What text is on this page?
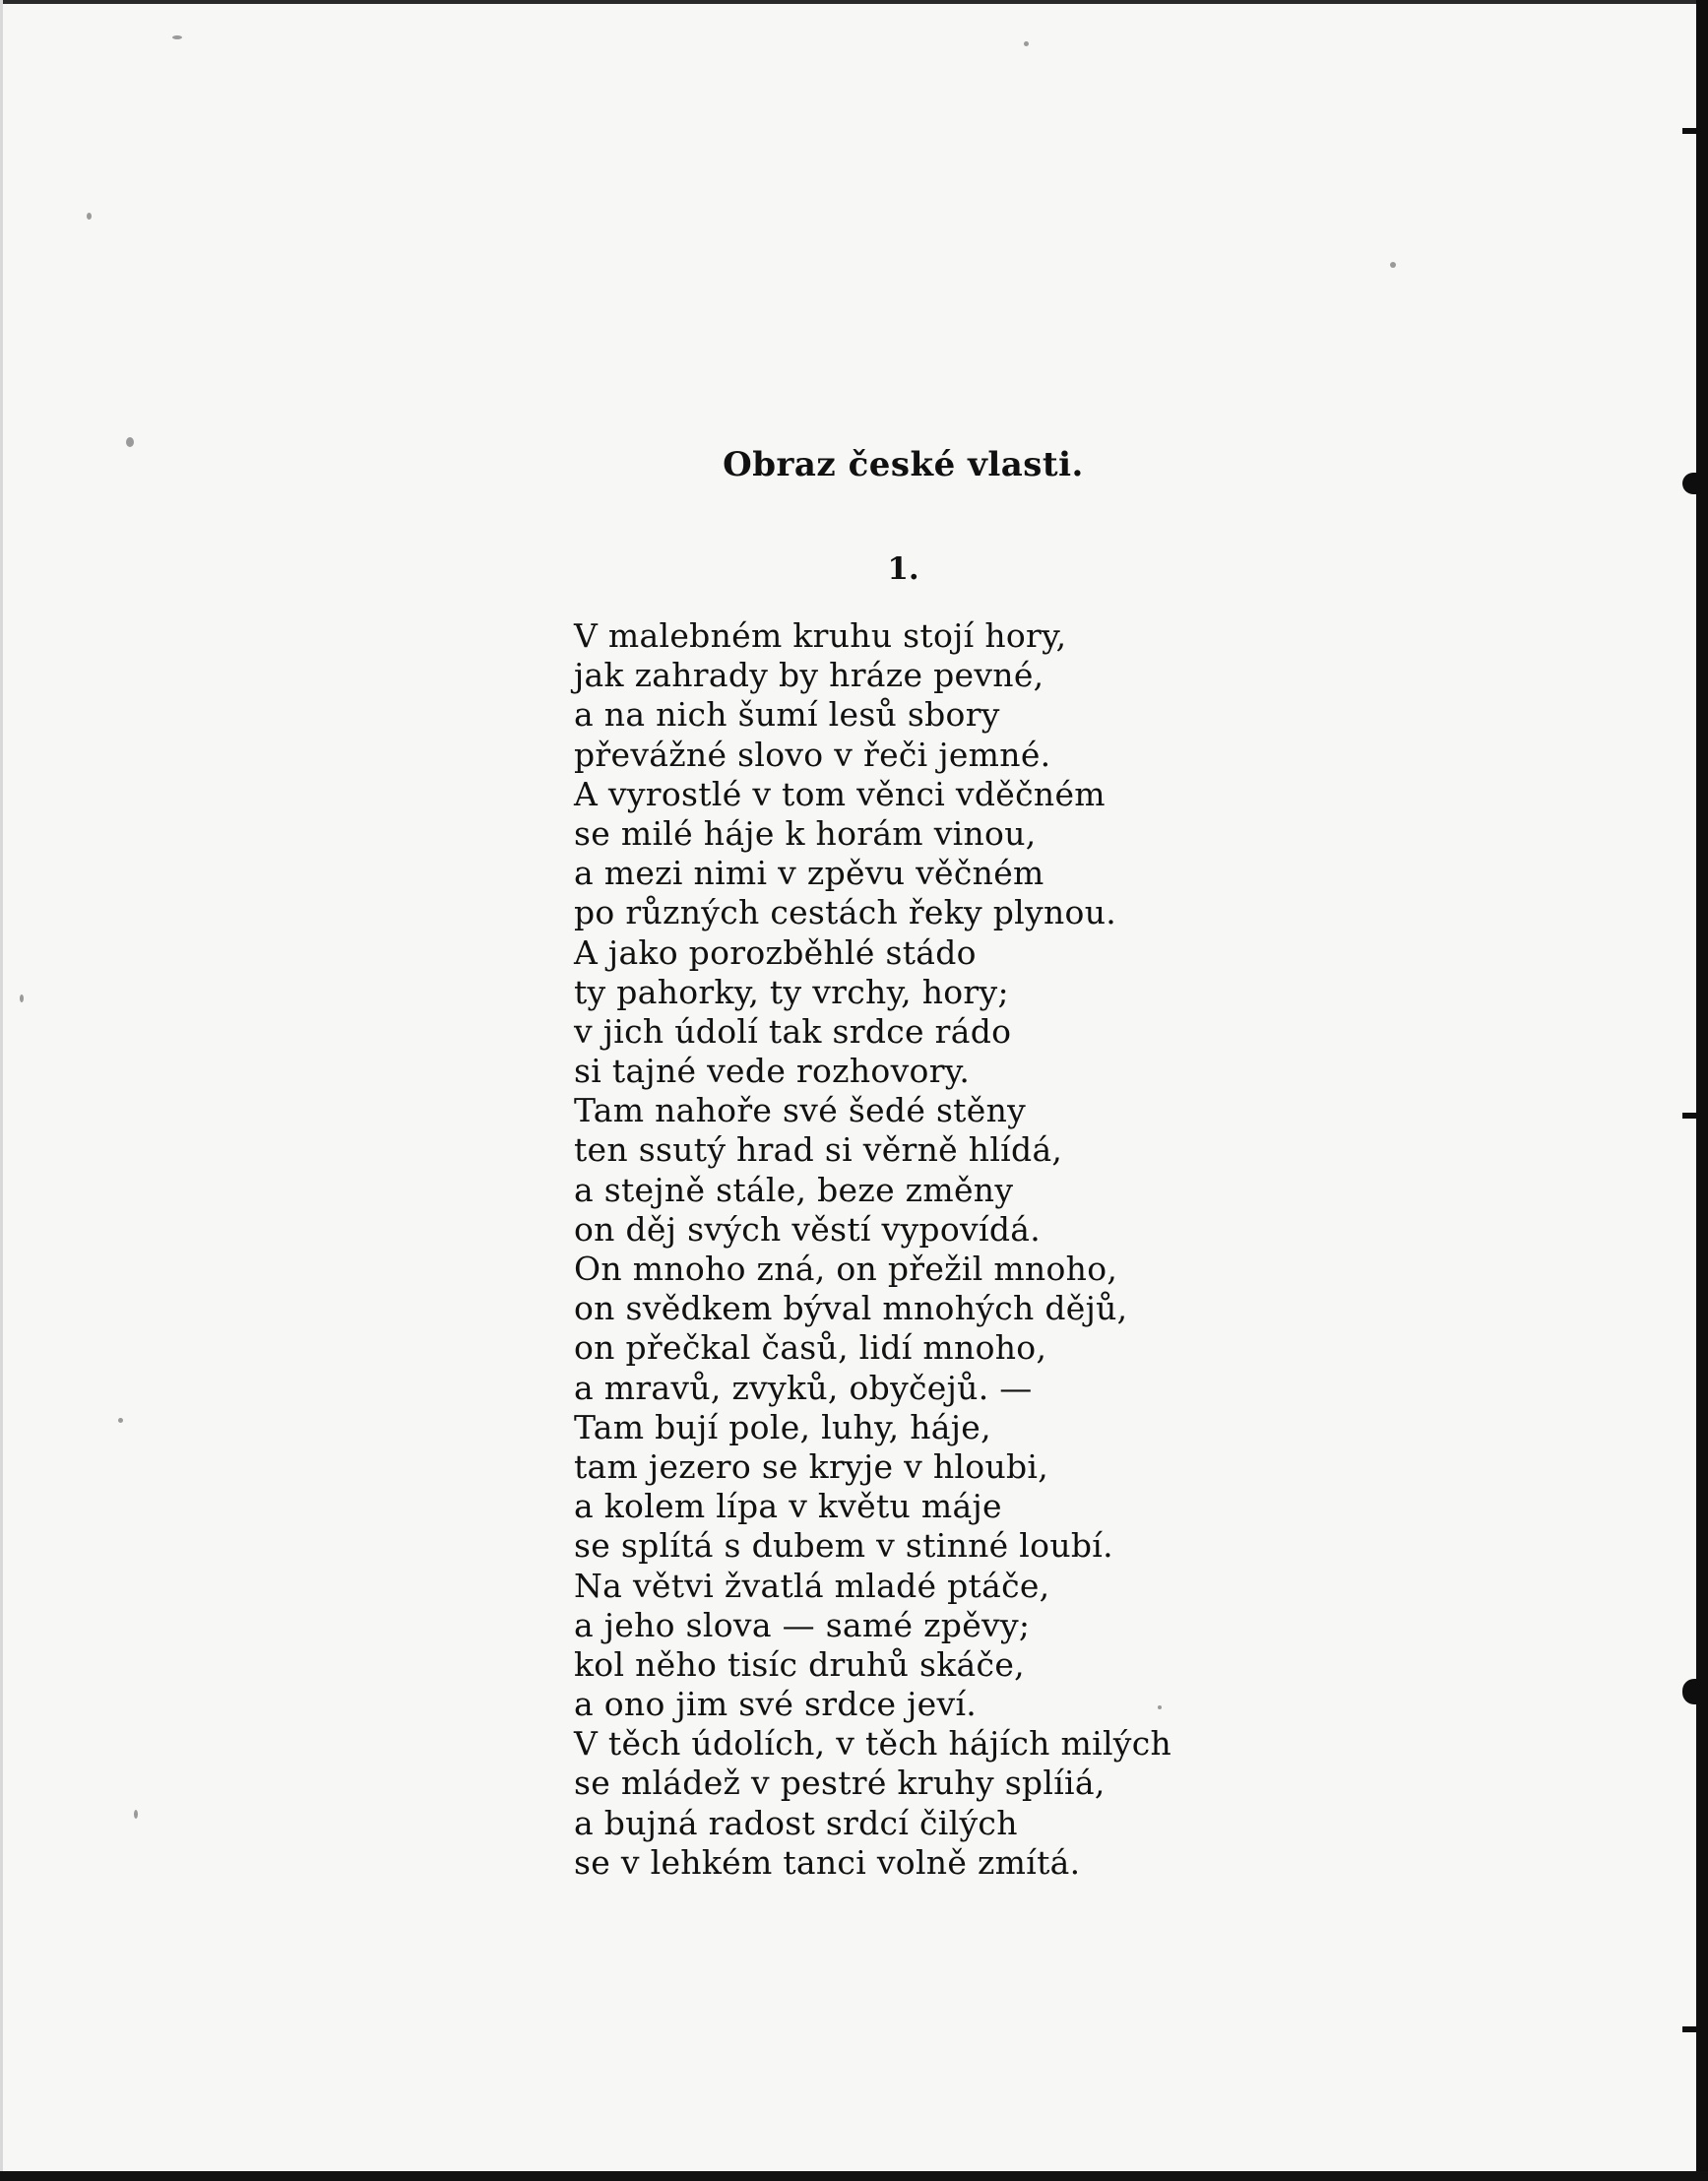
Obraz české vlasti.
1.
V malebném kruhu stojí hory,
jak zahrady by hráze pevné,
a na nich šumí lesů sbory
převážné slovo v řeči jemné.
A vyrostlé v tom věnci vděčném
se milé háje k horám vinou,
a mezi nimi v zpěvu věčném
po různých cestách řeky plynou.
A jako porozběhlé stádo
ty pahorky, ty vrchy, hory;
v jich údolí tak srdce rádo
si tajné vede rozhovory.
Tam nahoře své šedé stěny
ten ssutý hrad si věrně hlídá,
a stejně stále, beze změny
on děj svých věstí vypovídá.
On mnoho zná, on přežil mnoho,
on svědkem býval mnohých dějů,
on přečkal časů, lidí mnoho,
a mravů, zvyků, obyčejů. —
Tam bují pole, luhy, háje,
tam jezero se kryje v hloubi,
a kolem lípa v květu máje
se splítá s dubem v stinné loubí.
Na větvi žvatlá mladé ptáče,
a jeho slova — samé zpěvy;
kol něho tisíc druhů skáče,
a ono jim své srdce jeví.
V těch údolích, v těch hájích milých
se mládež v pestré kruhy splíiá,
a bujná radost srdcí čilých
se v lehkém tanci volně zmítá.
